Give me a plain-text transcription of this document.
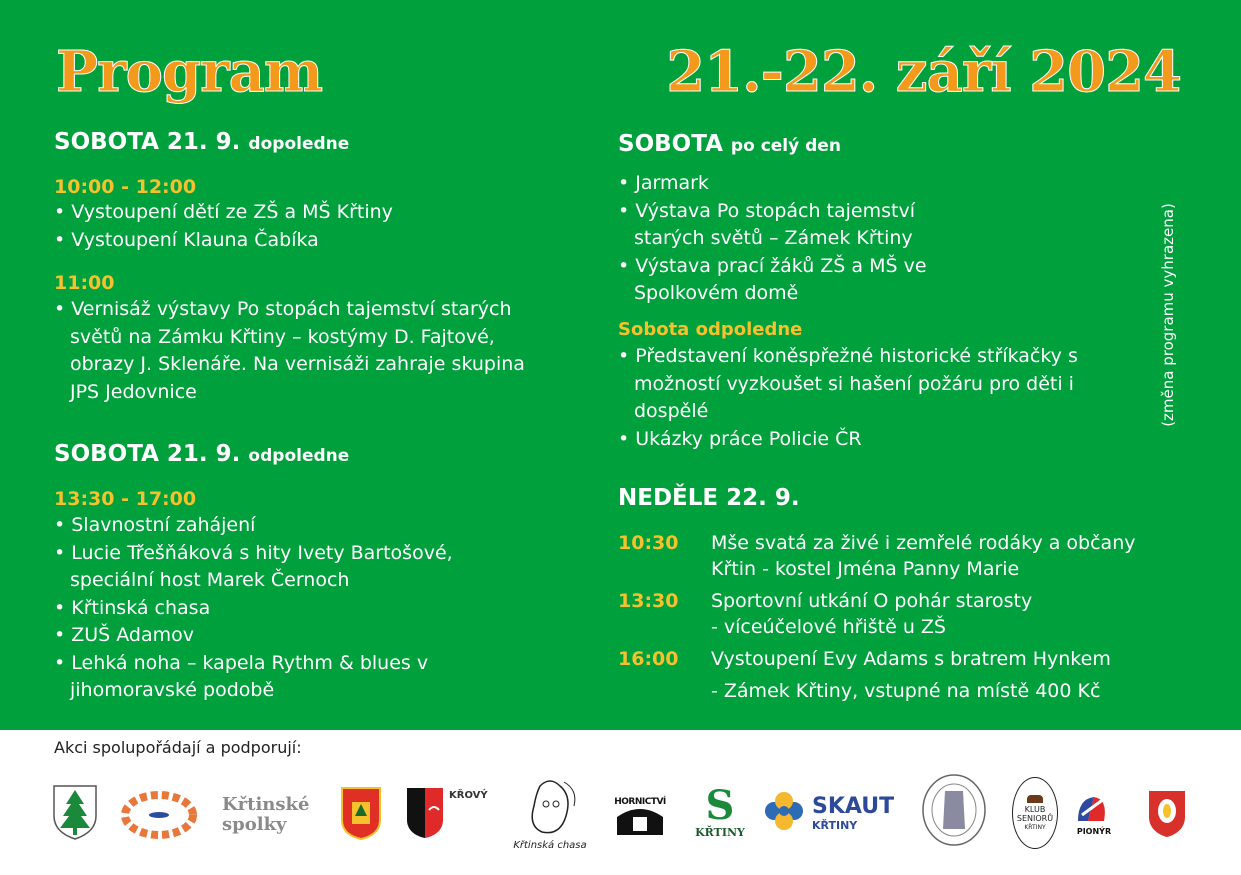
Program	21.-22. září 2024
SOBOTA 21. 9. dopoledne
10:00 - 12:00
• Vystoupení dětí ze ZŠ a MŠ Křtiny
• Vystoupení Klauna Čabíka
11:00
• Vernisáž výstavy Po stopách tajemství starých světů na Zámku Křtiny – kostýmy D. Fajtové, obrazy J. Sklenáře. Na vernisáži zahraje skupina JPS Jedovnice
SOBOTA 21. 9. odpoledne
13:30 - 17:00
• Slavnostní zahájení
• Lucie Třešňáková s hity Ivety Bartošové, speciální host Marek Černoch
• Křtinská chasa
• ZUŠ Adamov
• Lehká noha – kapela Rythm & blues v jihomoravské podobě
SOBOTA po celý den
• Jarmark
• Výstava Po stopách tajemství starých světů – Zámek Křtiny
• Výstava prací žáků ZŠ a MŠ ve Spolkovém domě
Sobota odpoledne
• Představení koněspřežné historické stříkačky s možností vyzkoušet si hašení požáru pro děti i dospělé
• Ukázky práce Policie ČR
NEDĚLE 22. 9.
10:30	Mše svatá za živé i zemřelé rodáky a občany
Křtin - kostel Jména Panny Marie
13:30	Sportovní utkání O pohár starosty
- víceúčelové hřiště u ZŠ
16:00	Vystoupení Evy Adams s bratrem Hynkem
- Zámek Křtiny, vstupné na místě 400 Kč
(změna programu vyhrazena)
Akci spolupořádají a podporují:
Křtinské
spolky
KŘOVÝ
Křtinská chasa
HORNICTVÍ S
KŘTINY
SKAUT
KŘTINY
KLUB
SENIORŮ
KŘTINY	PIONÝR
